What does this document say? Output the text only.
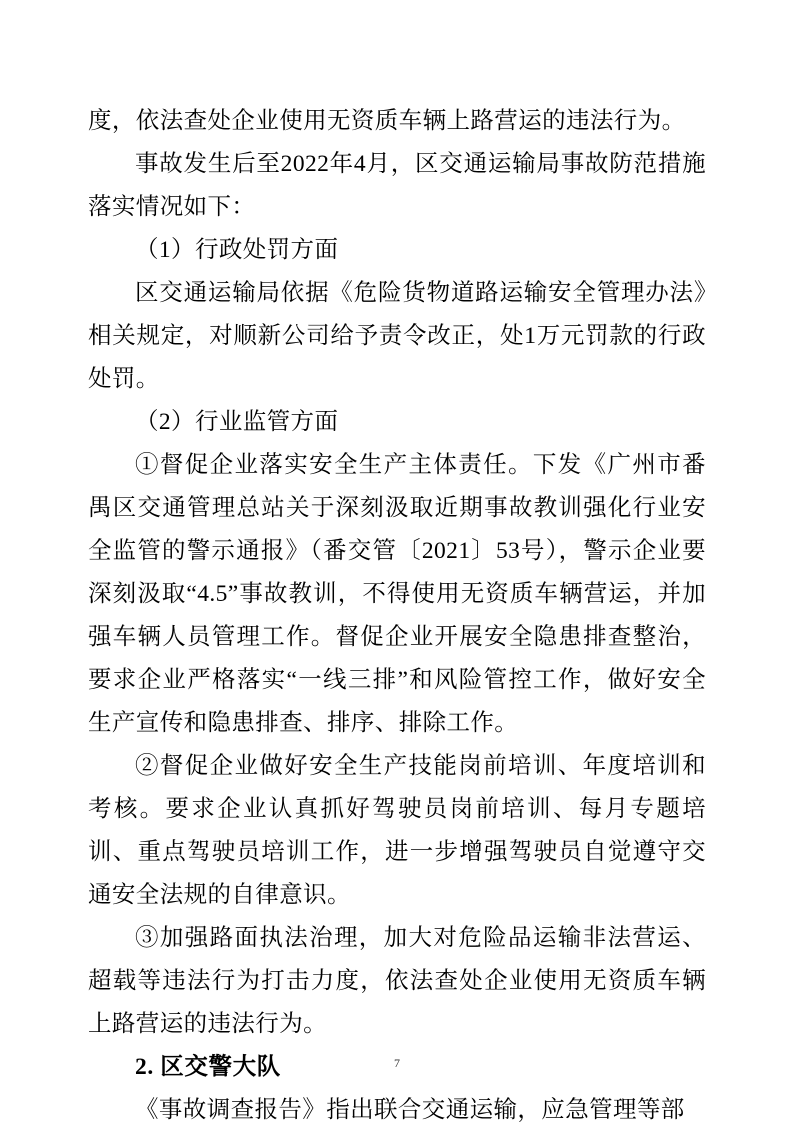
度，依法查处企业使用无资质车辆上路营运的违法行为。

事故发生后至2022年4月，区交通运输局事故防范措施落实情况如下：

（1）行政处罚方面

区交通运输局依据《危险货物道路运输安全管理办法》相关规定，对顺新公司给予责令改正，处1万元罚款的行政处罚。

（2）行业监管方面

①督促企业落实安全生产主体责任。下发《广州市番禺区交通管理总站关于深刻汲取近期事故教训强化行业安全监管的警示通报》（番交管〔2021〕53号），警示企业要深刻汲取“4.5”事故教训，不得使用无资质车辆营运，并加强车辆人员管理工作。督促企业开展安全隐患排查整治，要求企业严格落实“一线三排”和风险管控工作，做好安全生产宣传和隐患排查、排序、排除工作。

②督促企业做好安全生产技能岗前培训、年度培训和考核。要求企业认真抓好驾驶员岗前培训、每月专题培训、重点驾驶员培训工作，进一步增强驾驶员自觉遵守交通安全法规的自律意识。

③加强路面执法治理，加大对危险品运输非法营运、超载等违法行为打击力度，依法查处企业使用无资质车辆上路营运的违法行为。

2. 区交警大队

《事故调查报告》指出联合交通运输，应急管理等部

7
